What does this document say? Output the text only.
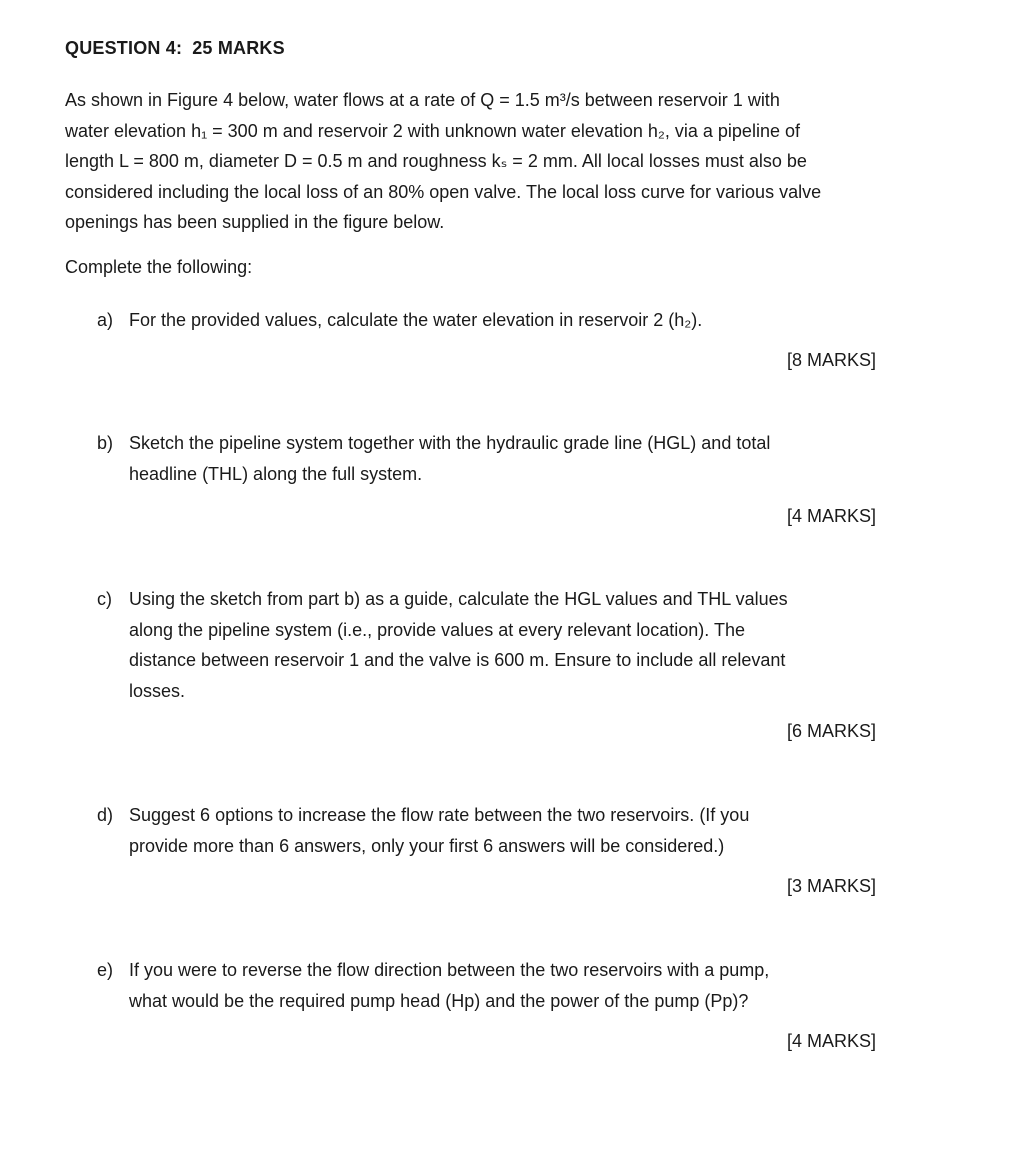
QUESTION 4: 25 MARKS
As shown in Figure 4 below, water flows at a rate of Q = 1.5 m³/s between reservoir 1 with
water elevation h₁ = 300 m and reservoir 2 with unknown water elevation h₂, via a pipeline of
length L = 800 m, diameter D = 0.5 m and roughness kₛ = 2 mm. All local losses must also be
considered including the local loss of an 80% open valve. The local loss curve for various valve
openings has been supplied in the figure below.
Complete the following:
a) For the provided values, calculate the water elevation in reservoir 2 (h₂).
[8 MARKS]
b) Sketch the pipeline system together with the hydraulic grade line (HGL) and total
headline (THL) along the full system.
[4 MARKS]
c) Using the sketch from part b) as a guide, calculate the HGL values and THL values
along the pipeline system (i.e., provide values at every relevant location). The
distance between reservoir 1 and the valve is 600 m. Ensure to include all relevant
losses.
[6 MARKS]
d) Suggest 6 options to increase the flow rate between the two reservoirs. (If you
provide more than 6 answers, only your first 6 answers will be considered.)
[3 MARKS]
e) If you were to reverse the flow direction between the two reservoirs with a pump,
what would be the required pump head (Hp) and the power of the pump (Pp)?
[4 MARKS]
